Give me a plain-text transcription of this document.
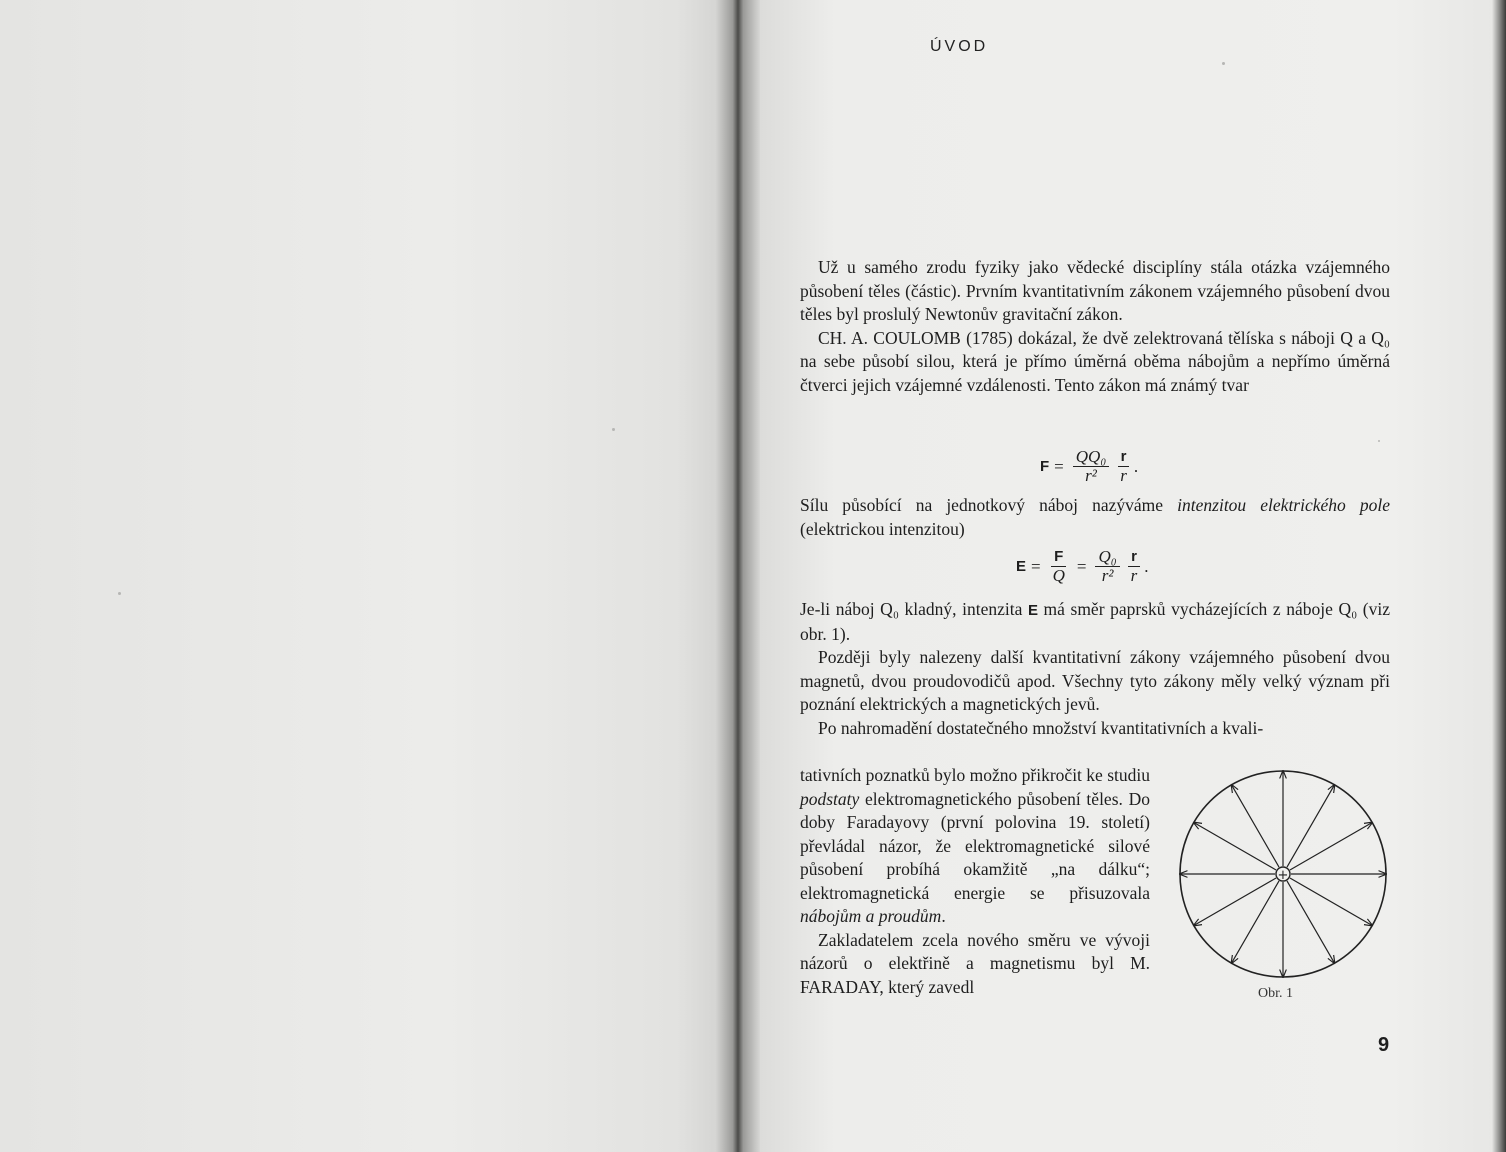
ÚVOD

Už u samého zrodu fyziky jako vědecké disciplíny stála otázka vzájemného působení těles (částic). Prvním kvantitativním zákonem vzájemného působení dvou těles byl proslulý Newtonův gravitační zákon.

CH. A. COULOMB (1785) dokázal, že dvě zelektrovaná tělíska s náboji Q a Q₀ na sebe působí silou, která je přímo úměrná oběma nábojům a nepřímo úměrná čtverci jejich vzájemné vzdálenosti. Tento zákon má známý tvar

$F = \frac{\text{QQ₀}}{\text{r²}} \frac{r}{r}$ .

Sílu působící na jednotkový náboj nazýváme intenzitou elektrického pole (elektrickou intenzitou)

$E = \frac{F}{Q} = \frac{\text{Q₀}}{\text{r²}} \frac{r}{r}$ .

Je-li náboj Q₀ kladný, intenzita E má směr paprsků vycházejících z náboje Q₀ (viz obr. 1).

Později byly nalezeny další kvantitativní zákony vzájemného působení dvou magnetů, dvou proudovodičů apod. Všechny tyto zákony měly velký význam při poznání elektrických a magnetických jevů.

Po nahromadění dostatečného množství kvantitativních a kvali-

tativních poznatků bylo možno přikročit ke studiu podstaty elektromagnetického působení těles. Do doby Faradayovy (první polovina 19. století) převládal názor, že elektromagnetické silové působení probíhá okamžitě „na dálku“; elektromagnetická energie se přisuzovala nábojům a proudům.

Zakladatelem zcela nového směru ve vývoji názorů o elektřině a magnetismu byl M. FARADAY, který zavedl

+
Obr. 1
9
